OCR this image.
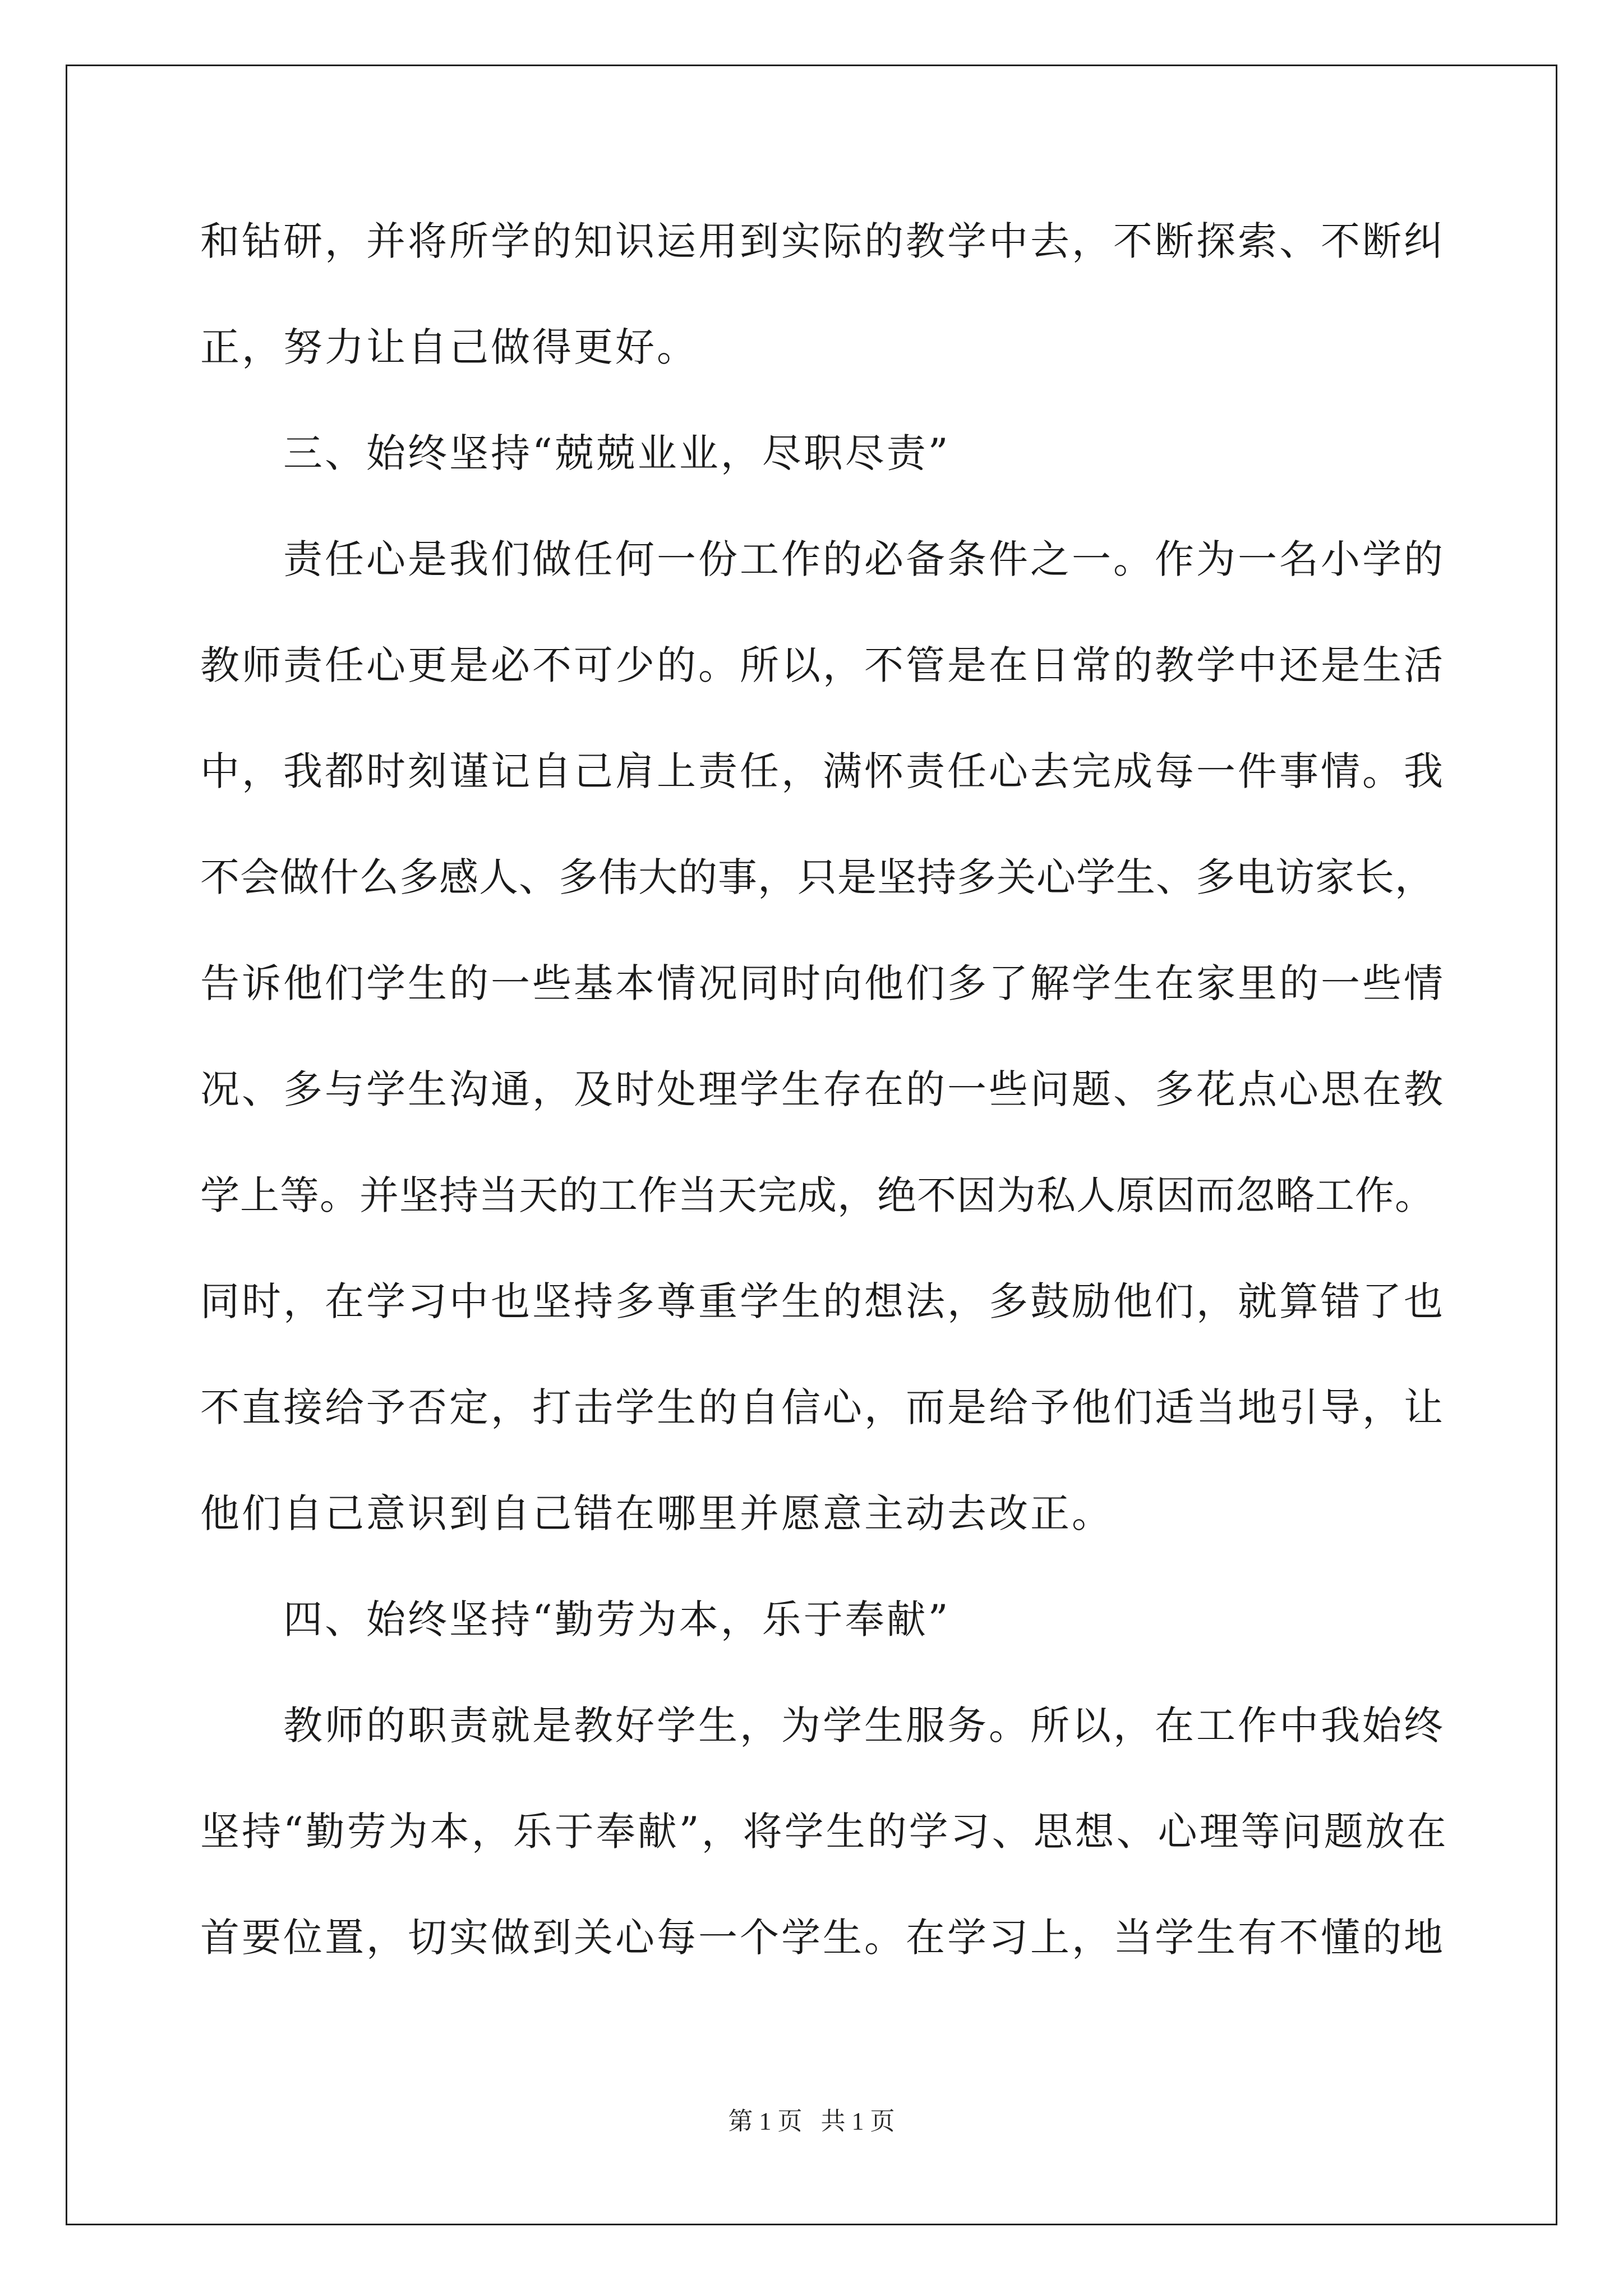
和钻研，并将所学的知识运用到实际的教学中去，不断探索、不断纠
正，努力让自己做得更好。
三、始终坚持“兢兢业业，尽职尽责”
责任心是我们做任何一份工作的必备条件之一。作为一名小学的
教师责任心更是必不可少的。所以，不管是在日常的教学中还是生活
中，我都时刻谨记自己肩上责任，满怀责任心去完成每一件事情。我
不会做什么多感人、多伟大的事，只是坚持多关心学生、多电访家长，
告诉他们学生的一些基本情况同时向他们多了解学生在家里的一些情
况、多与学生沟通，及时处理学生存在的一些问题、多花点心思在教
学上等。并坚持当天的工作当天完成，绝不因为私人原因而忽略工作。
同时，在学习中也坚持多尊重学生的想法，多鼓励他们，就算错了也
不直接给予否定，打击学生的自信心，而是给予他们适当地引导，让
他们自己意识到自己错在哪里并愿意主动去改正。
四、始终坚持“勤劳为本，乐于奉献”
教师的职责就是教好学生，为学生服务。所以，在工作中我始终
坚持“勤劳为本，乐于奉献”，将学生的学习、思想、心理等问题放在
首要位置，切实做到关心每一个学生。在学习上，当学生有不懂的地
第 1 页   共 1 页
